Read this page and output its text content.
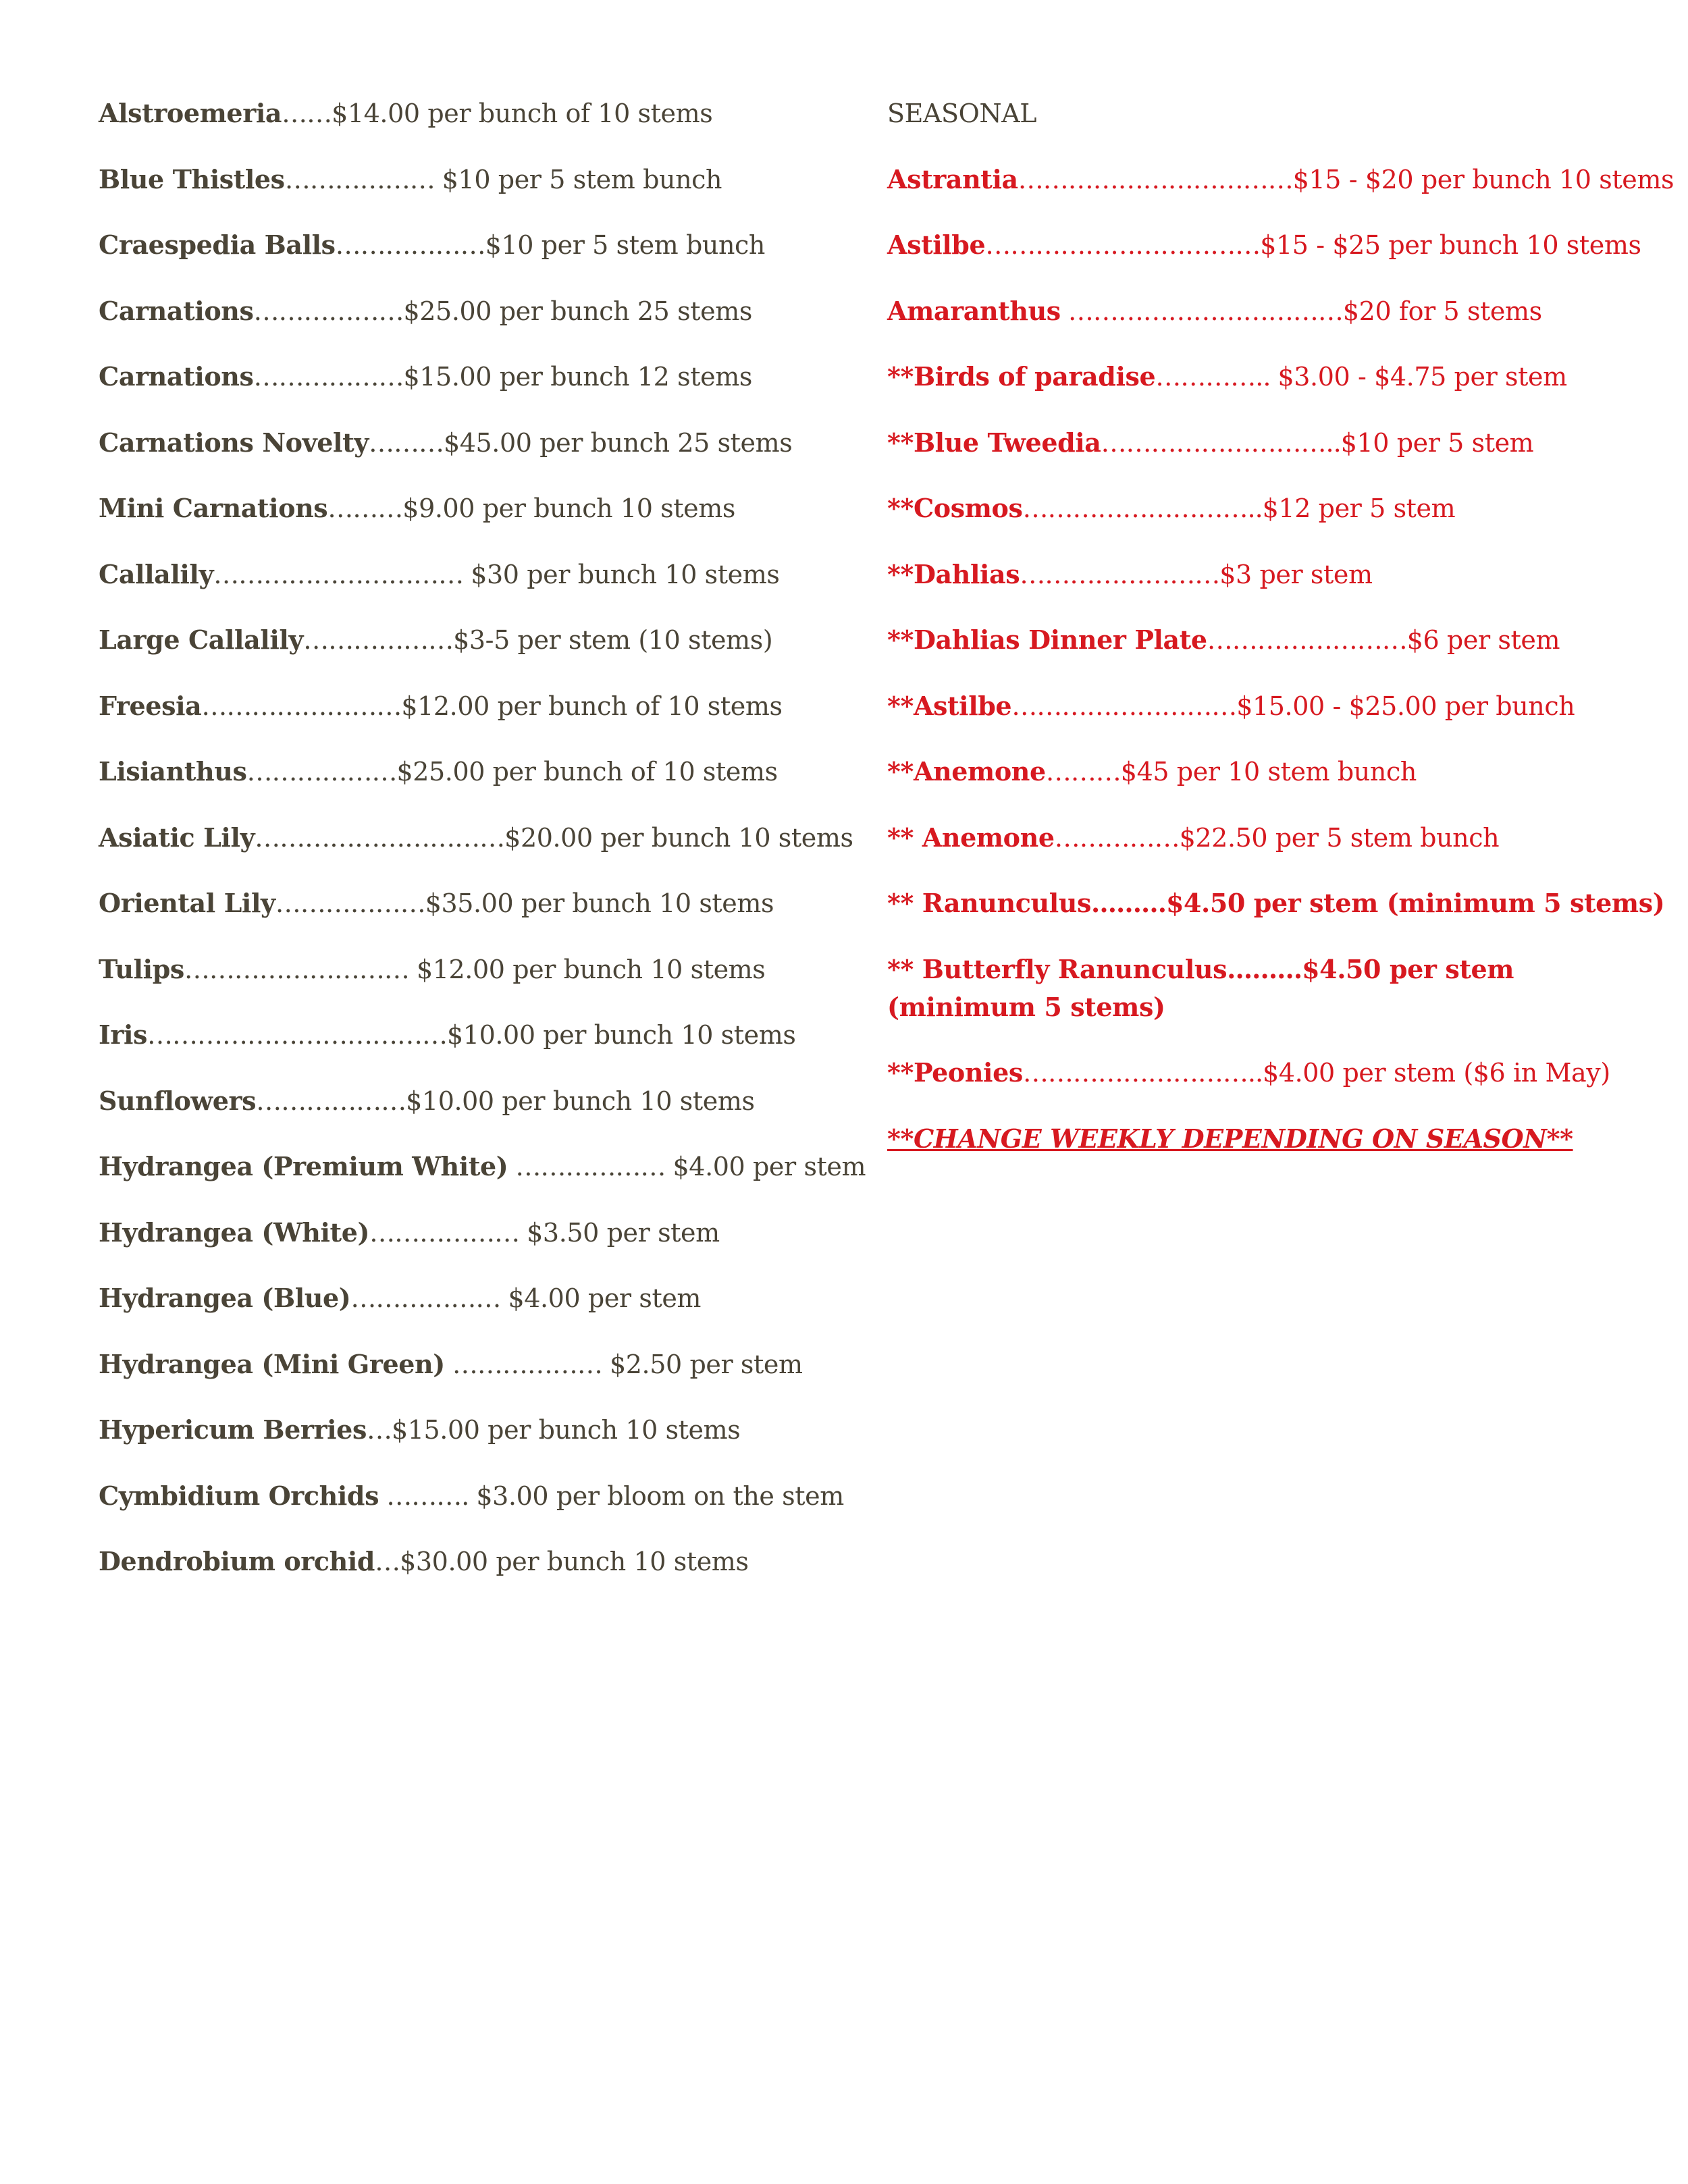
Alstroemeria……$14.00 per bunch of 10 stems
Blue Thistles……………… $10 per 5 stem bunch
Craespedia Balls………………$10 per 5 stem bunch
Carnations………………$25.00 per bunch 25 stems
Carnations………………$15.00 per bunch 12 stems
Carnations Novelty………$45.00 per bunch 25 stems
Mini Carnations………$9.00 per bunch 10 stems
Callalily………………………… $30 per bunch 10 stems
Large Callalily………………$3-5 per stem (10 stems)
Freesia……………………$12.00 per bunch of 10 stems
Lisianthus………………$25.00 per bunch of 10 stems
Asiatic Lily…………………………$20.00 per bunch 10 stems
Oriental Lily………………$35.00 per bunch 10 stems
Tulips……………………… $12.00 per bunch 10 stems
Iris………………………………$10.00 per bunch 10 stems
Sunflowers………………$10.00 per bunch 10 stems
Hydrangea (Premium White) ……………… $4.00 per stem
Hydrangea (White)……………… $3.50 per stem
Hydrangea (Blue)……………… $4.00 per stem
Hydrangea (Mini Green) ……………… $2.50 per stem
Hypericum Berries…$15.00 per bunch 10 stems
Cymbidium Orchids ………. $3.00 per bloom on the stem
Dendrobium orchid…$30.00 per bunch 10 stems
SEASONAL
Astrantia……………………………$15 - $20 per bunch 10 stems
Astilbe……………………………$15 - $25 per bunch 10 stems
Amaranthus ……………………………$20 for 5 stems
**Birds of paradise………….. $3.00 - $4.75 per stem
**Blue Tweedia………………………..$10 per 5 stem
**Cosmos………………………..$12 per 5 stem
**Dahlias……………………$3 per stem
**Dahlias Dinner Plate……………………$6 per stem
**Astilbe………………………$15.00 - $25.00 per bunch
**Anemone………$45 per 10 stem bunch
** Anemone……………$22.50 per 5 stem bunch
** Ranunculus………$4.50 per stem (minimum 5 stems)
** Butterfly Ranunculus………$4.50 per stem (minimum 5 stems)
**Peonies………………………..$4.00 per stem ($6 in May)
**CHANGE WEEKLY DEPENDING ON SEASON**
